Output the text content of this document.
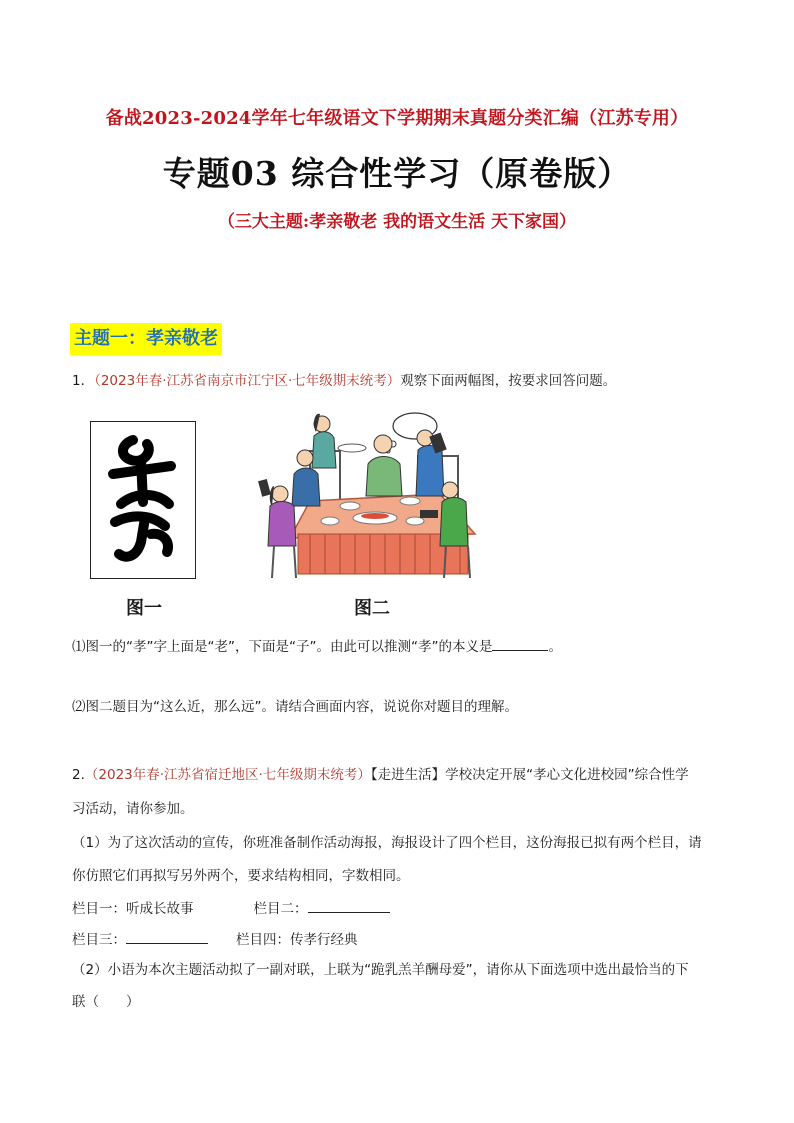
备战2023-2024学年七年级语文下学期期末真题分类汇编（江苏专用）
专题03 综合性学习（原卷版）
（三大主题:孝亲敬老 我的语文生活 天下家国）
主题一：孝亲敬老
1．（2023年春·江苏省南京市江宁区·七年级期末统考）观察下面两幅图，按要求回答问题。
图一	图二
⑴图一的“孝”字上面是“老”，下面是“子”。由此可以推测“孝”的本义是	。
⑵图二题目为“这么近，那么远”。请结合画面内容，说说你对题目的理解。
2.（2023年春·江苏省宿迁地区·七年级期末统考）【走进生活】学校决定开展“孝心文化进校园”综合性学
习活动，请你参加。
（1）为了这次活动的宣传，你班准备制作活动海报，海报设计了四个栏目，这份海报已拟有两个栏目，请
你仿照它们再拟写另外两个，要求结构相同，字数相同。
栏目一：听成长故事	栏目二：
栏目三：	栏目四：传孝行经典
（2）小语为本次主题活动拟了一副对联，上联为“跪乳羔羊酬母爱”，请你从下面选项中选出最恰当的下
联（　　）
